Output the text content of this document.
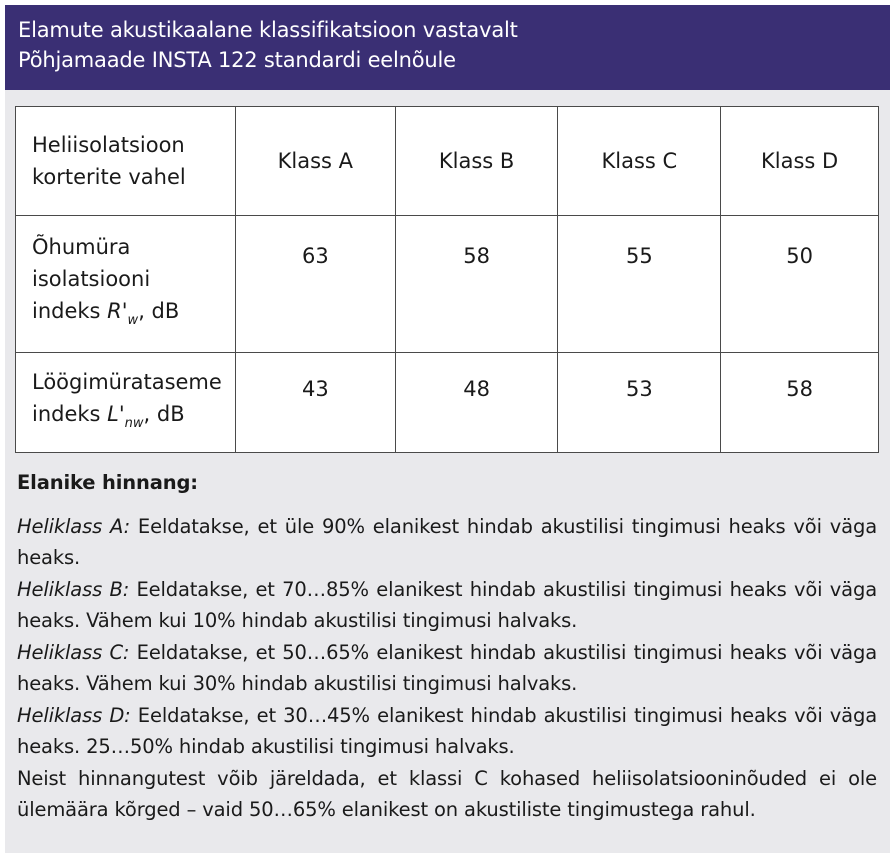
Elamute akustikaalane klassifikatsioon vastavalt
Põhjamaade INSTA 122 standardi eelnõule
Heliisolatsioon
korterite vahel	Klass A	Klass B	Klass C	Klass D

Õhumüra
isolatsiooni
indeks $R'_w$, dB	63	58	55	50

Löögimürataseme
indeks $L'_{nw}$, dB	43	48	53	58
Elanike hinnang:

Heliklass A: Eeldatakse, et üle 90% elanikest hindab akustilisi tingimusi heaks või väga heaks.

Heliklass B: Eeldatakse, et 70…85% elanikest hindab akustilisi tingimusi heaks või väga heaks. Vähem kui 10% hindab akustilisi tingimusi halvaks.

Heliklass C: Eeldatakse, et 50…65% elanikest hindab akustilisi tingimusi heaks või väga heaks. Vähem kui 30% hindab akustilisi tingimusi halvaks.

Heliklass D: Eeldatakse, et 30…45% elanikest hindab akustilisi tingimusi heaks või väga heaks. 25…50% hindab akustilisi tingimusi halvaks.

Neist hinnangutest võib järeldada, et klassi C kohased heliisolatsiooninõuded ei ole ülemäära kõrged – vaid 50…65% elanikest on akustiliste tingimustega rahul.
